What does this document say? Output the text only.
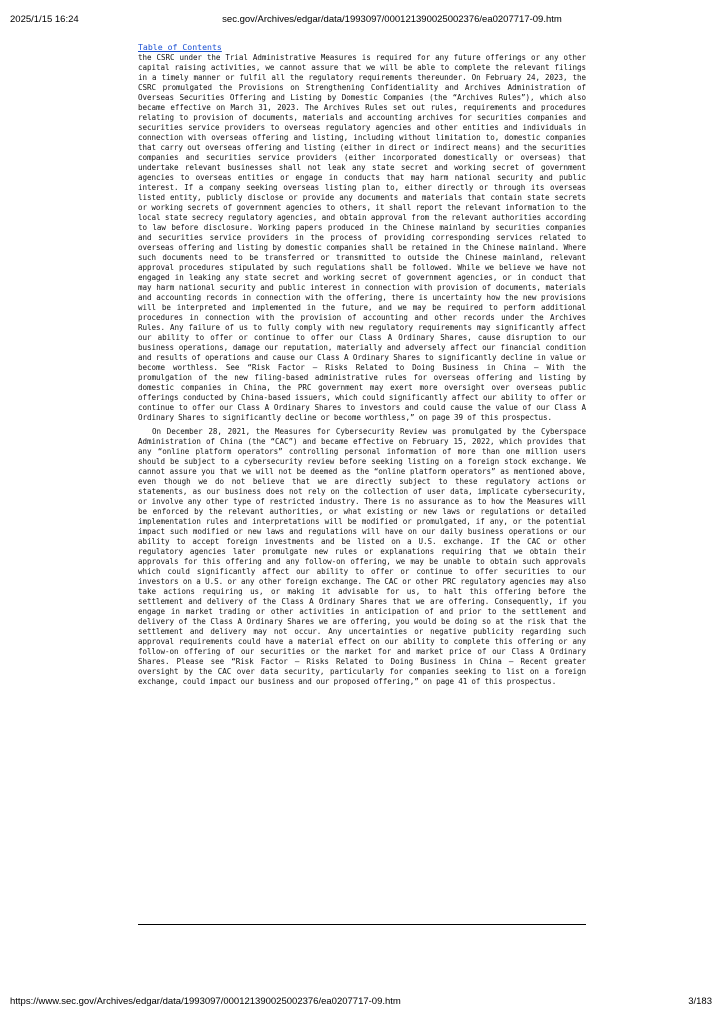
2025/1/15 16:24	sec.gov/Archives/edgar/data/1993097/000121390025002376/ea0207717-09.htm
Table of Contents

the CSRC under the Trial Administrative Measures is required for any future offerings or any other capital raising activities, we cannot assure that we will be able to complete the relevant filings in a timely manner or fulfil all the regulatory requirements thereunder. On February 24, 2023, the CSRC promulgated the Provisions on Strengthening Confidentiality and Archives Administration of Overseas Securities Offering and Listing by Domestic Companies (the “Archives Rules”), which also became effective on March 31, 2023. The Archives Rules set out rules, requirements and procedures relating to provision of documents, materials and accounting archives for securities companies and securities service providers to overseas regulatory agencies and other entities and individuals in connection with overseas offering and listing, including without limitation to, domestic companies that carry out overseas offering and listing (either in direct or indirect means) and the securities companies and securities service providers (either incorporated domestically or overseas) that undertake relevant businesses shall not leak any state secret and working secret of government agencies to overseas entities or engage in conducts that may harm national security and public interest. If a company seeking overseas listing plan to, either directly or through its overseas listed entity, publicly disclose or provide any documents and materials that contain state secrets or working secrets of government agencies to others, it shall report the relevant information to the local state secrecy regulatory agencies, and obtain approval from the relevant authorities according to law before disclosure. Working papers produced in the Chinese mainland by securities companies and securities service providers in the process of providing corresponding services related to overseas offering and listing by domestic companies shall be retained in the Chinese mainland. Where such documents need to be transferred or transmitted to outside the Chinese mainland, relevant approval procedures stipulated by such regulations shall be followed. While we believe we have not engaged in leaking any state secret and working secret of government agencies, or in conduct that may harm national security and public interest in connection with provision of documents, materials and accounting records in connection with the offering, there is uncertainty how the new provisions will be interpreted and implemented in the future, and we may be required to perform additional procedures in connection with the provision of accounting and other records under the Archives Rules. Any failure of us to fully comply with new regulatory requirements may significantly affect our ability to offer or continue to offer our Class A Ordinary Shares, cause disruption to our business operations, damage our reputation, materially and adversely affect our financial condition and results of operations and cause our Class A Ordinary Shares to significantly decline in value or become worthless. See “Risk Factor — Risks Related to Doing Business in China — With the promulgation of the new filing-based administrative rules for overseas offering and listing by domestic companies in China, the PRC government may exert more oversight over overseas public offerings conducted by China-based issuers, which could significantly affect our ability to offer or continue to offer our Class A Ordinary Shares to investors and could cause the value of our Class A Ordinary Shares to significantly decline or become worthless,” on page 39 of this prospectus.

On December 28, 2021, the Measures for Cybersecurity Review was promulgated by the Cyberspace Administration of China (the “CAC”) and became effective on February 15, 2022, which provides that any “online platform operators” controlling personal information of more than one million users should be subject to a cybersecurity review before seeking listing on a foreign stock exchange. We cannot assure you that we will not be deemed as the “online platform operators” as mentioned above, even though we do not believe that we are directly subject to these regulatory actions or statements, as our business does not rely on the collection of user data, implicate cybersecurity, or involve any other type of restricted industry. There is no assurance as to how the Measures will be enforced by the relevant authorities, or what existing or new laws or regulations or detailed implementation rules and interpretations will be modified or promulgated, if any, or the potential impact such modified or new laws and regulations will have on our daily business operations or our ability to accept foreign investments and be listed on a U.S. exchange. If the CAC or other regulatory agencies later promulgate new rules or explanations requiring that we obtain their approvals for this offering and any follow-on offering, we may be unable to obtain such approvals which could significantly affect our ability to offer or continue to offer securities to our investors on a U.S. or any other foreign exchange. The CAC or other PRC regulatory agencies may also take actions requiring us, or making it advisable for us, to halt this offering before the settlement and delivery of the Class A Ordinary Shares that we are offering. Consequently, if you engage in market trading or other activities in anticipation of and prior to the settlement and delivery of the Class A Ordinary Shares we are offering, you would be doing so at the risk that the settlement and delivery may not occur. Any uncertainties or negative publicity regarding such approval requirements could have a material effect on our ability to complete this offering or any follow-on offering of our securities or the market for and market price of our Class A Ordinary Shares. Please see “Risk Factor — Risks Related to Doing Business in China — Recent greater oversight by the CAC over data security, particularly for companies seeking to list on a foreign exchange, could impact our business and our proposed offering,” on page 41 of this prospectus.

https://www.sec.gov/Archives/edgar/data/1993097/000121390025002376/ea0207717-09.htm	3/183
